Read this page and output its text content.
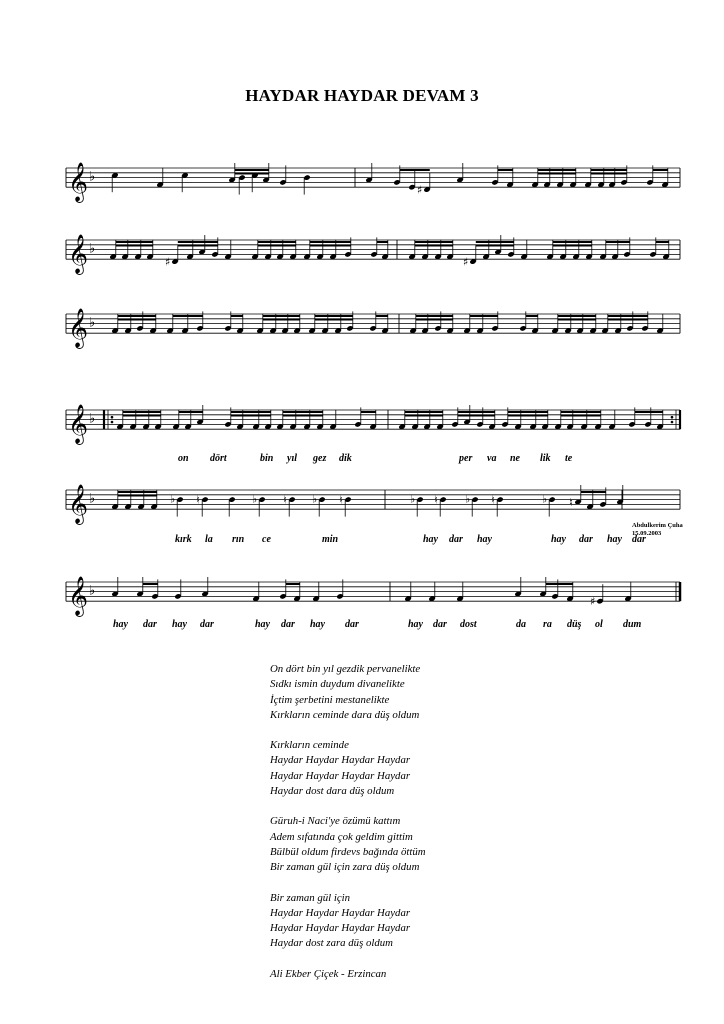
HAYDAR HAYDAR DEVAM 3
𝄞 ♭
♯
𝄞 ♭
♯	♯
𝄞 ♭
𝄞 ♭
𝄞 ♭	♭ ♮	♭ ♮ ♭ ♮	♭ ♮ ♭ ♮	♭ ♮
𝄞 ♭
♯
on dört	bin yıl gez dik	per va ne lik te
kırk la rın ce	min	hay dar hay	hay dar hay dar
hay dar hay dar	hay dar hay dar	hay dar dost	da ra düş ol dum
Abdulkerim Çuha
15.09.2003
On dört bin yıl gezdik pervanelikte
Sıdkı ismin duydum divanelikte
İçtim şerbetini mestanelikte
Kırkların ceminde dara düş oldum
Kırkların ceminde
Haydar Haydar Haydar Haydar
Haydar Haydar Haydar Haydar
Haydar dost dara düş oldum
Güruh-i Naci'ye özümü kattım
Adem sıfatında çok geldim gittim
Bülbül oldum firdevs bağında öttüm
Bir zaman gül için zara düş oldum
Bir zaman gül için
Haydar Haydar Haydar Haydar
Haydar Haydar Haydar Haydar
Haydar dost zara düş oldum
Ali Ekber Çiçek - Erzincan
